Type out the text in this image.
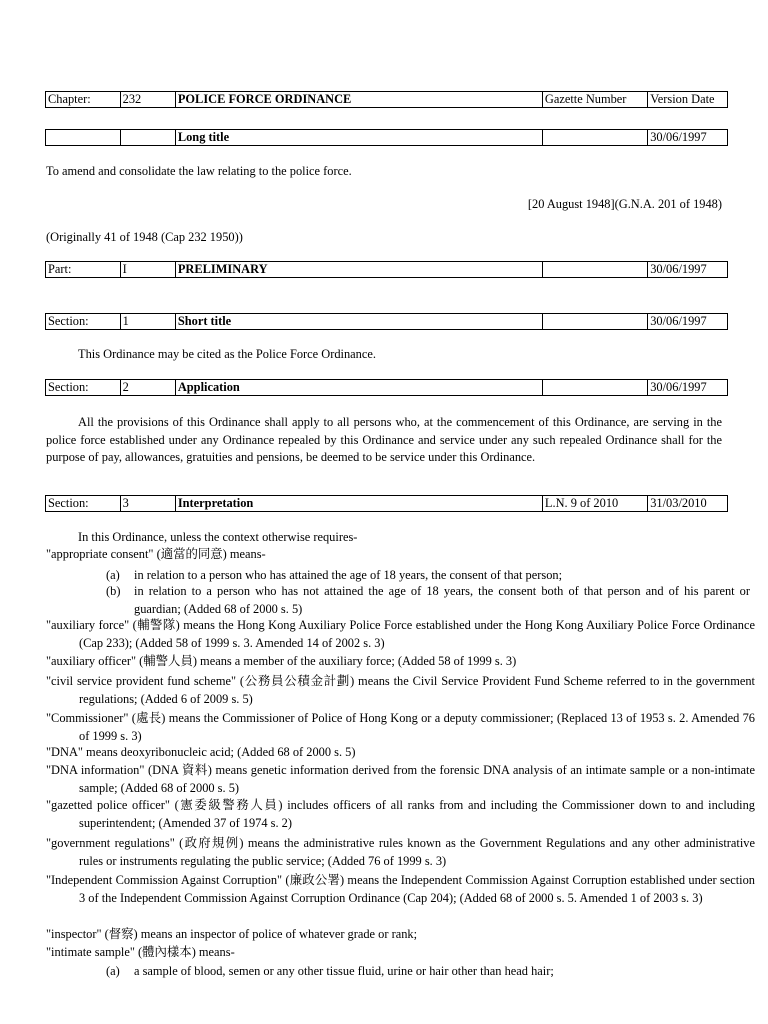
Chapter:	232	POLICE FORCE ORDINANCE	Gazette Number	Version Date
		Long title		30/06/1997

To amend and consolidate the law relating to the police force.

[20 August 1948](G.N.A. 201 of 1948)

(Originally 41 of 1948 (Cap 232 1950))

Part:	I	PRELIMINARY		30/06/1997
Section:	1	Short title		30/06/1997

This Ordinance may be cited as the Police Force Ordinance.

Section:	2	Application		30/06/1997

All the provisions of this Ordinance shall apply to all persons who, at the commencement of this Ordinance, are serving in the police force established under any Ordinance repealed by this Ordinance and service under any such repealed Ordinance shall for the purpose of pay, allowances, gratuities and pensions, be deemed to be service under this Ordinance.

Section:	3	Interpretation	L.N. 9 of 2010	31/03/2010

In this Ordinance, unless the context otherwise requires-

"appropriate consent" (適當的同意) means-

(a) in relation to a person who has attained the age of 18 years, the consent of that person;

(b) in relation to a person who has not attained the age of 18 years, the consent both of that person and of his parent or guardian; (Added 68 of 2000 s. 5)

"auxiliary force" (輔警隊) means the Hong Kong Auxiliary Police Force established under the Hong Kong Auxiliary Police Force Ordinance (Cap 233); (Added 58 of 1999 s. 3. Amended 14 of 2002 s. 3)

"auxiliary officer" (輔警人員) means a member of the auxiliary force; (Added 58 of 1999 s. 3)

"civil service provident fund scheme" (公務員公積金計劃) means the Civil Service Provident Fund Scheme referred to in the government regulations; (Added 6 of 2009 s. 5)

"Commissioner" (處長) means the Commissioner of Police of Hong Kong or a deputy commissioner; (Replaced 13 of 1953 s. 2. Amended 76 of 1999 s. 3)

"DNA" means deoxyribonucleic acid; (Added 68 of 2000 s. 5)

"DNA information" (DNA 資料) means genetic information derived from the forensic DNA analysis of an intimate sample or a non-intimate sample; (Added 68 of 2000 s. 5)

"gazetted police officer" (憲委級警務人員) includes officers of all ranks from and including the Commissioner down to and including superintendent; (Amended 37 of 1974 s. 2)

"government regulations" (政府規例) means the administrative rules known as the Government Regulations and any other administrative rules or instruments regulating the public service; (Added 76 of 1999 s. 3)

"Independent Commission Against Corruption" (廉政公署) means the Independent Commission Against Corruption established under section 3 of the Independent Commission Against Corruption Ordinance (Cap 204); (Added 68 of 2000 s. 5. Amended 1 of 2003 s. 3)

"inspector" (督察) means an inspector of police of whatever grade or rank;

"intimate sample" (體內樣本) means-

(a) a sample of blood, semen or any other tissue fluid, urine or hair other than head hair;
